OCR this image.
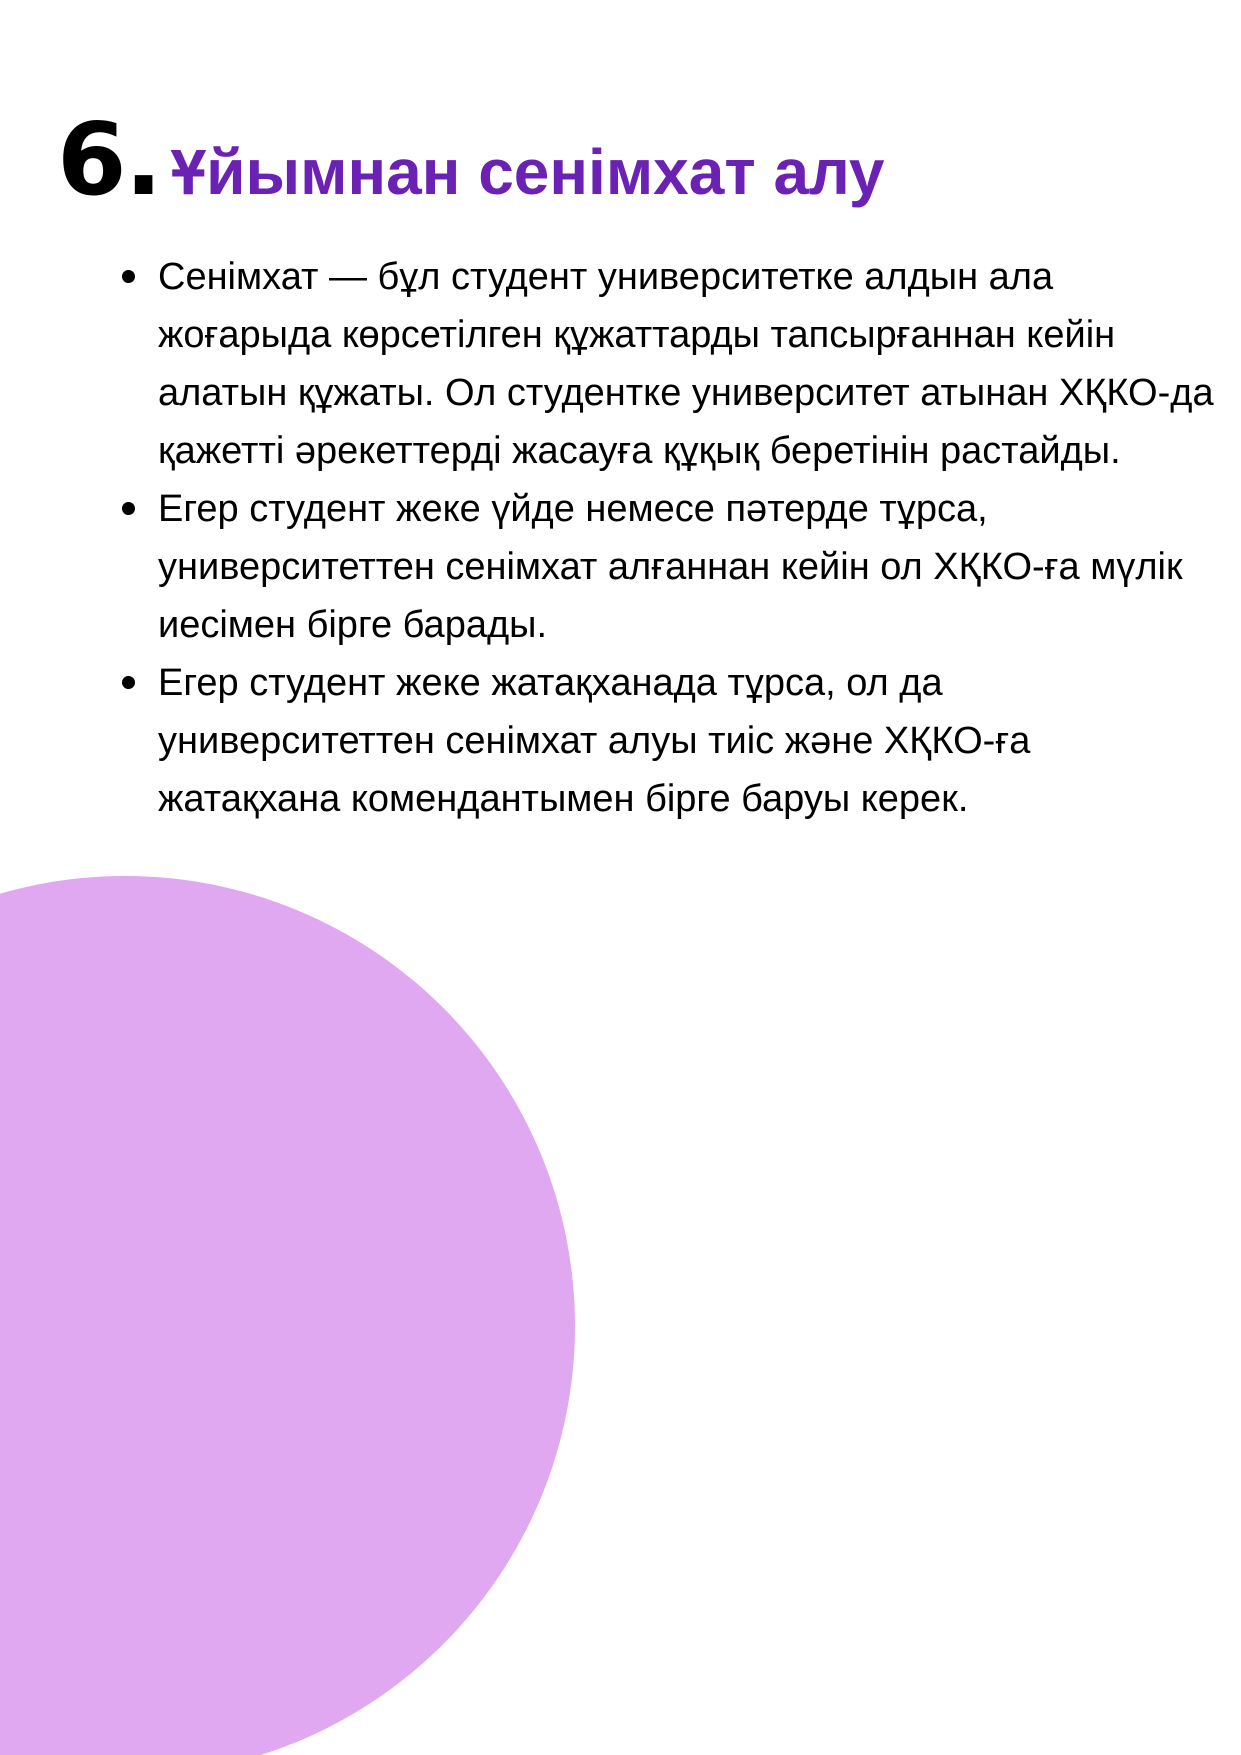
6. Ұйымнан сенімхат алу
Сенімхат — бұл студент университетке алдын ала жоғарыда көрсетілген құжаттарды тапсырғаннан кейін алатын құжаты. Ол студентке университет атынан ХҚКО-да қажетті әрекеттерді жасауға құқық беретінін растайды.
Егер студент жеке үйде немесе пәтерде тұрса, университеттен сенімхат алғаннан кейін ол ХҚКО-ға мүлік иесімен бірге барады.
Егер студент жеке жатақханада тұрса, ол да университеттен сенімхат алуы тиіс және ХҚКО-ға жатақхана комендантымен бірге баруы керек.
